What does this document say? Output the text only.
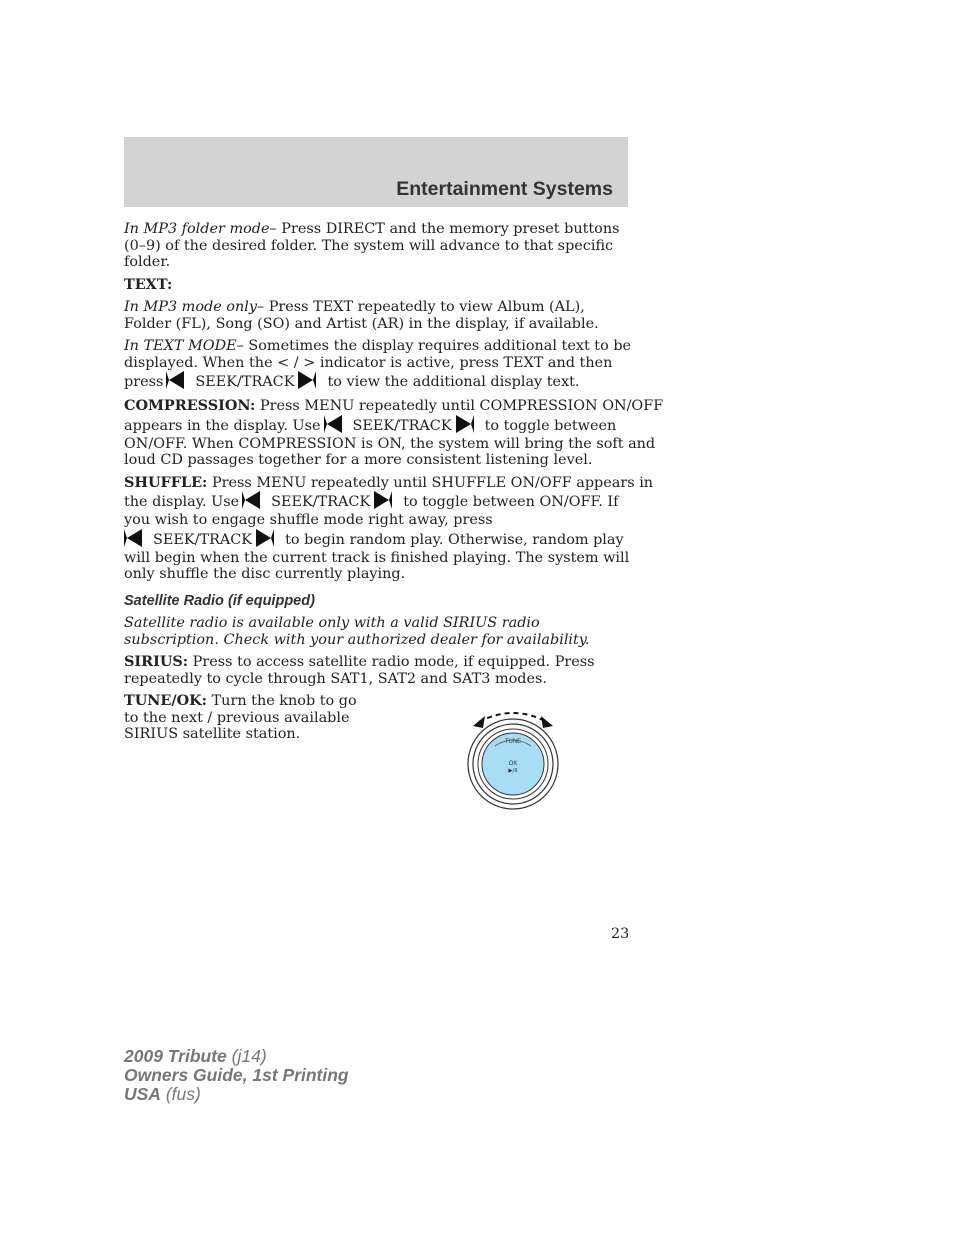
Entertainment Systems

In MP3 folder mode– Press DIRECT and the memory preset buttons (0–9) of the desired folder. The system will advance to that specific folder.

TEXT:

In MP3 mode only– Press TEXT repeatedly to view Album (AL), Folder (FL), Song (SO) and Artist (AR) in the display, if available.

In TEXT MODE– Sometimes the display requires additional text to be
displayed. When the < / > indicator is active, press TEXT and then
press SEEK/TRACK to view the additional display text.

COMPRESSION: Press MENU repeatedly until COMPRESSION ON/OFF
appears in the display. Use SEEK/TRACK to toggle between
ON/OFF. When COMPRESSION is ON, the system will bring the soft and
loud CD passages together for a more consistent listening level.

SHUFFLE: Press MENU repeatedly until SHUFFLE ON/OFF appears in
the display. Use SEEK/TRACK to toggle between ON/OFF. If
you wish to engage shuffle mode right away, press
SEEK/TRACK to begin random play. Otherwise, random play
will begin when the current track is finished playing. The system will
only shuffle the disc currently playing.

Satellite Radio (if equipped)

Satellite radio is available only with a valid SIRIUS radio subscription. Check with your authorized dealer for availability.

SIRIUS: Press to access satellite radio mode, if equipped. Press repeatedly to cycle through SAT1, SAT2 and SAT3 modes.

TUNE/OK: Turn the knob to go to the next / previous available SIRIUS satellite station.	TUNE
OK
▶/II
23
2009 Tribute (j14)
Owners Guide, 1st Printing
USA (fus)
